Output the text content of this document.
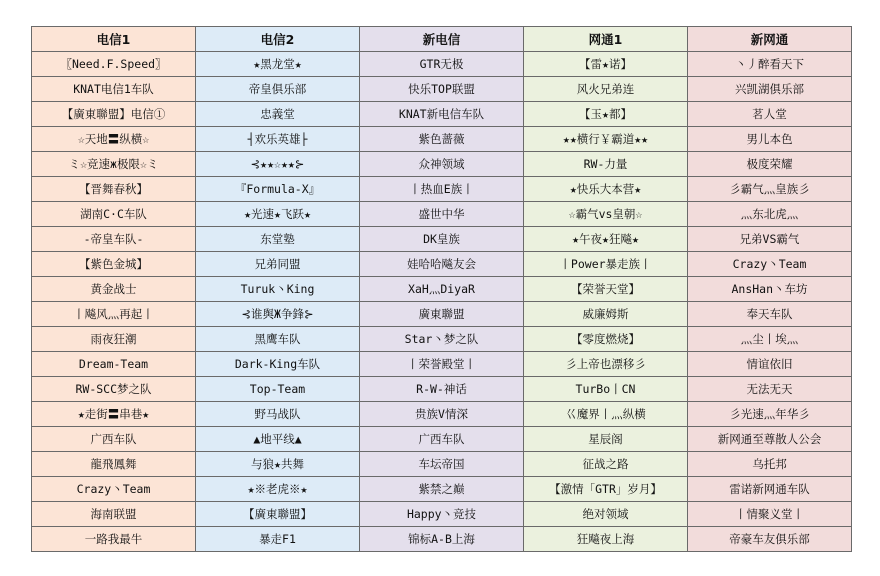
电信1	电信2	新电信	网通1	新网通
〖Need.F.Speed〗	★黑龙堂★	GTR无极	【雷★诺】	丶丿醉看天下
KNAT电信1车队	帝皇俱乐部	快乐TOP联盟	风火兄弟连	兴凯湖俱乐部
【廣東聯盟】电信①	忠義堂	KNAT新电信车队	【玉★都】	茗人堂
☆天地〓纵横☆	┤欢乐英雄├	紫色蔷薇	★★横行￥霸道★★	男儿本色
ミ☆竞速ж极限☆ミ	⊰★★☆★★⊱	众神领域	RW-力量	极度荣耀
【晋舞春秋】	『Formula-X』	丨热血E族丨	★快乐大本营★	彡霸气灬皇族彡
湖南C·C车队	★光速★飞跃★	盛世中华	☆霸气vs皇朝☆	灬东北虎灬
-帝皇车队-	东堂塾	DK皇族	★午夜★狂飚★	兄弟VS霸气
【紫色金城】	兄弟同盟	娃哈哈飚友会	丨Power暴走族丨	Crazy丶Team
黄金战士	Turuk丶King	XaH灬DiyaR	【荣誉天堂】	AnsHan丶车坊
丨飚风灬再起丨	⊰谁舆Ж争鋒⊱	廣東聯盟	威廉姆斯	奉天车队
雨夜狂潮	黑鹰车队	Star丶梦之队	【零度燃烧】	灬尘丨埃灬
Dream-Team	Dark-King车队	丨荣誉殿堂丨	彡上帝也漂移彡	情谊依旧
RW-SCC梦之队	Top-Team	R-W-神话	TurBo丨CN	无法无天
★走街〓串巷★	野马战队	贵族V情深	巜魔界丨灬纵横	彡光速灬年华彡
广西车队	▲地平线▲	广西车队	星辰阁	新网通至尊散人公会
龍飛鳳舞	与狼★共舞	车坛帝国	征战之路	乌托邦
Crazy丶Team	★※老虎※★	紫禁之巅	【激情「GTR」岁月】	雷诺新网通车队
海南联盟	【廣東聯盟】	Happy丶竞技	绝对领域	丨情聚义堂丨
一路我最牛	暴走F1	锦标A-B上海	狂飚夜上海	帝豪车友俱乐部
